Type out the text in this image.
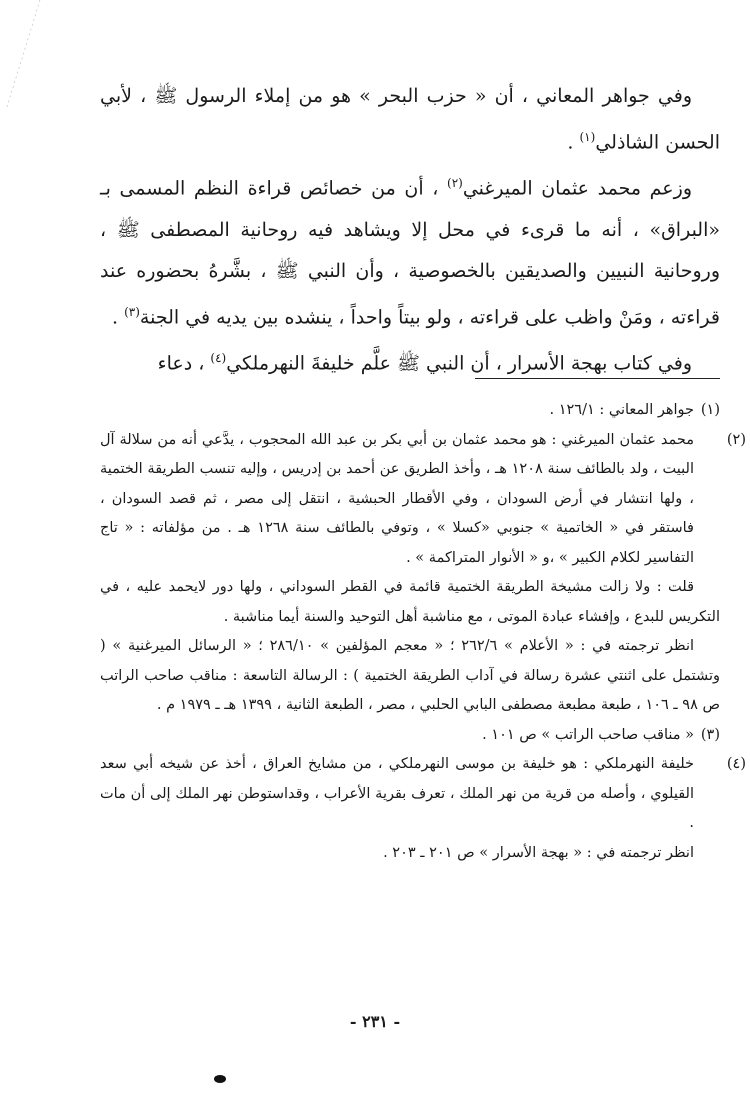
وفي جواهر المعاني ، أن « حزب البحر » هو من إملاء الرسول ﷺ ، لأبي الحسن الشاذلي$^{(١)}$ .

وزعم محمد عثمان الميرغني$^{(٢)}$ ، أن من خصائص قراءة النظم المسمى بـ «البراق» ، أنه ما قرىء في محل إلا ويشاهد فيه روحانية المصطفى ﷺ ، وروحانية النبيين والصديقين بالخصوصية ، وأن النبي ﷺ ، بشَّرهُ بحضوره عند قراءته ، ومَنْ واظب على قراءته ، ولو بيتاً واحداً ، ينشده بين يديه في الجنة$^{(٣)}$ .

وفي كتاب بهجة الأسرار ، أن النبي ﷺ علَّم خليفةَ النهرملكي$^{(٤)}$ ، دعاء

(١)جواهر المعاني : ١٢٦/١ .

(٢)محمد عثمان الميرغني : هو محمد عثمان بن أبي بكر بن عبد الله المحجوب ، يدَّعي أنه من سلالة آل البيت ، ولد بالطائف سنة ١٢٠٨ هـ ، وأخذ الطريق عن أحمد بن إدريس ، وإليه تنسب الطريقة الختمية ، ولها انتشار في أرض السودان ، وفي الأقطار الحبشية ، انتقل إلى مصر ، ثم قصد السودان ، فاستقر في « الخاتمية » جنوبي «كسلا » ، وتوفي بالطائف سنة ١٢٦٨ هـ . من مؤلفاته : « تاج التفاسير لكلام الكبير » ،و « الأنوار المتراكمة » .

قلت : ولا زالت مشيخة الطريقة الختمية قائمة في القطر السوداني ، ولها دور لايحمد عليه ، في التكريس للبدع ، وإفشاء عبادة الموتى ، مع مناشبة أهل التوحيد والسنة أيما مناشبة .

انظر ترجمته في : « الأعلام » ٢٦٢/٦ ؛ « معجم المؤلفين » ٢٨٦/١٠ ؛ « الرسائل الميرغنية » ( وتشتمل على اثنتي عشرة رسالة في آداب الطريقة الختمية ) : الرسالة التاسعة : مناقب صاحب الراتب ص ٩٨ ـ ١٠٦ ، طبعة مطبعة مصطفى البابي الحلبي ، مصر ، الطبعة الثانية ، ١٣٩٩ هـ ـ ١٩٧٩ م .

(٣)« مناقب صاحب الراتب » ص ١٠١ .

(٤)خليفة النهرملكي : هو خليفة بن موسى النهرملكي ، من مشايخ العراق ، أخذ عن شيخه أبي سعد القيلوي ، وأصله من قرية من نهر الملك ، تعرف بقرية الأعراب ، وقداستوطن نهر الملك إلى أن مات .

انظر ترجمته في : « بهجة الأسرار » ص ٢٠١ ـ ٢٠٣ .

- ٢٣١ -
